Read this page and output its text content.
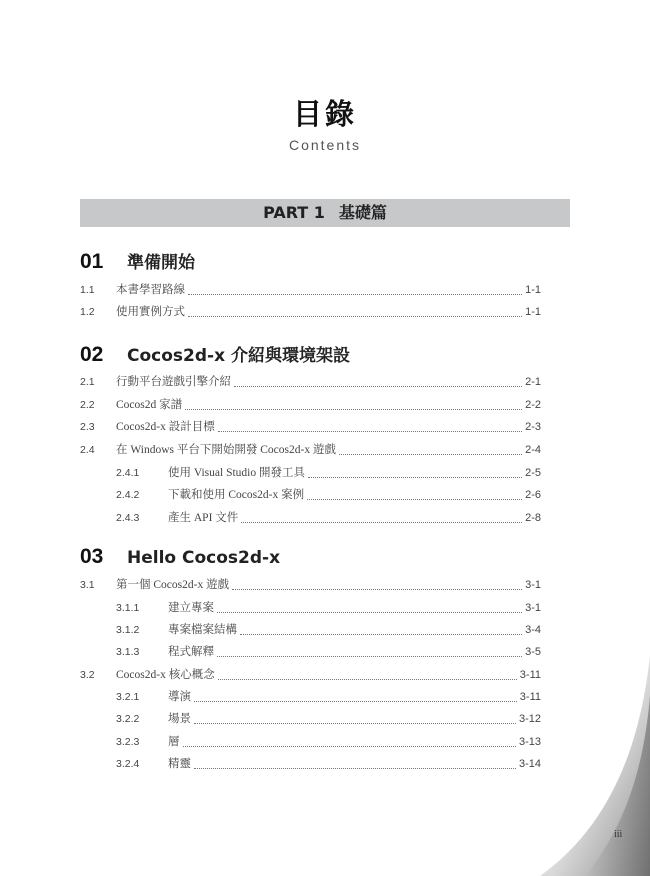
目錄
Contents
PART 1 基礎篇
01 準備開始
1.1	本書學習路線	1-1
1.2	使用實例方式	1-1
02 Cocos2d-x 介紹與環境架設
2.1	行動平台遊戲引擎介紹	2-1
2.2	Cocos2d 家譜	2-2
2.3	Cocos2d-x 設計目標	2-3
2.4	在 Windows 平台下開始開發 Cocos2d-x 遊戲	2-4
2.4.1	使用 Visual Studio 開發工具	2-5
2.4.2	下載和使用 Cocos2d-x 案例	2-6
2.4.3	產生 API 文件	2-8
03 Hello Cocos2d-x
3.1	第一個 Cocos2d-x 遊戲	3-1
3.1.1	建立專案	3-1
3.1.2	專案檔案結構	3-4
3.1.3	程式解釋	3-5
3.2	Cocos2d-x 核心概念	3-11
3.2.1	導演	3-11
3.2.2	場景	3-12
3.2.3	層	3-13
3.2.4	精靈	3-14
iii
